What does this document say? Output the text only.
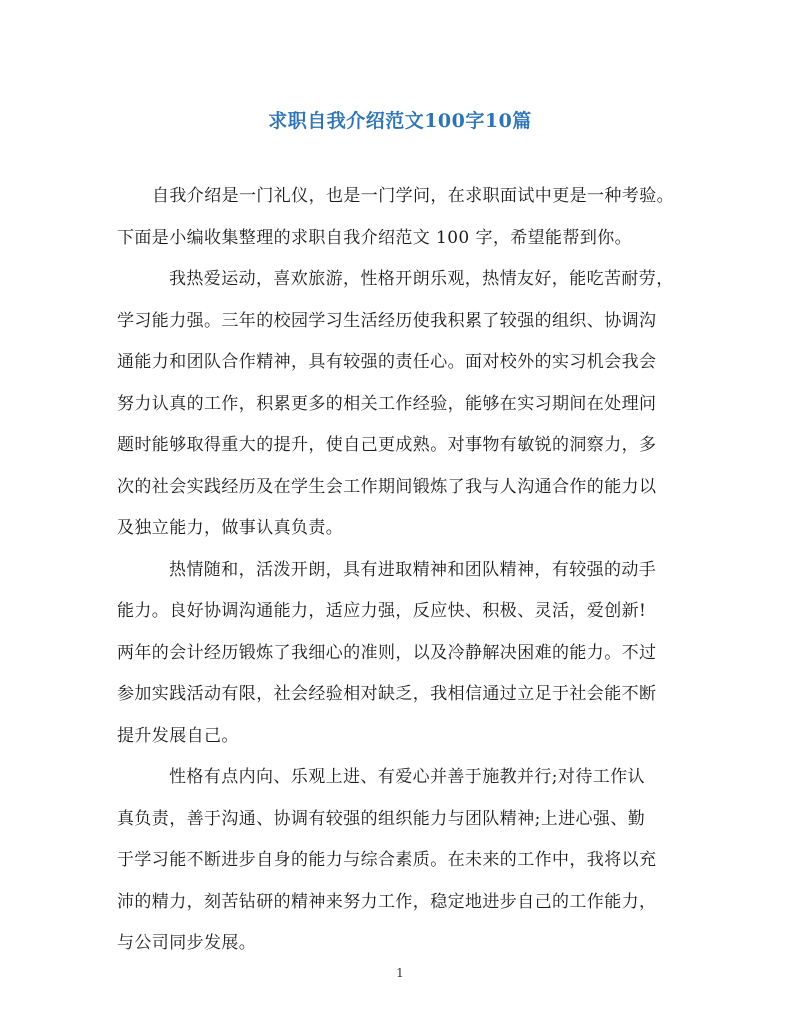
求职自我介绍范文100字10篇
自我介绍是一门礼仪，也是一门学问，在求职面试中更是一种考验。
下面是小编收集整理的求职自我介绍范文 100 字，希望能帮到你。
我热爱运动，喜欢旅游，性格开朗乐观，热情友好，能吃苦耐劳，
学习能力强。三年的校园学习生活经历使我积累了较强的组织、协调沟
通能力和团队合作精神，具有较强的责任心。面对校外的实习机会我会
努力认真的工作，积累更多的相关工作经验，能够在实习期间在处理问
题时能够取得重大的提升，使自己更成熟。对事物有敏锐的洞察力，多
次的社会实践经历及在学生会工作期间锻炼了我与人沟通合作的能力以
及独立能力，做事认真负责。
热情随和，活泼开朗，具有进取精神和团队精神，有较强的动手
能力。良好协调沟通能力，适应力强，反应快、积极、灵活，爱创新!
两年的会计经历锻炼了我细心的准则，以及冷静解决困难的能力。不过
参加实践活动有限，社会经验相对缺乏，我相信通过立足于社会能不断
提升发展自己。
性格有点内向、乐观上进、有爱心并善于施教并行;对待工作认
真负责，善于沟通、协调有较强的组织能力与团队精神;上进心强、勤
于学习能不断进步自身的能力与综合素质。在未来的工作中，我将以充
沛的精力，刻苦钻研的精神来努力工作，稳定地进步自己的工作能力，
与公司同步发展。
1
